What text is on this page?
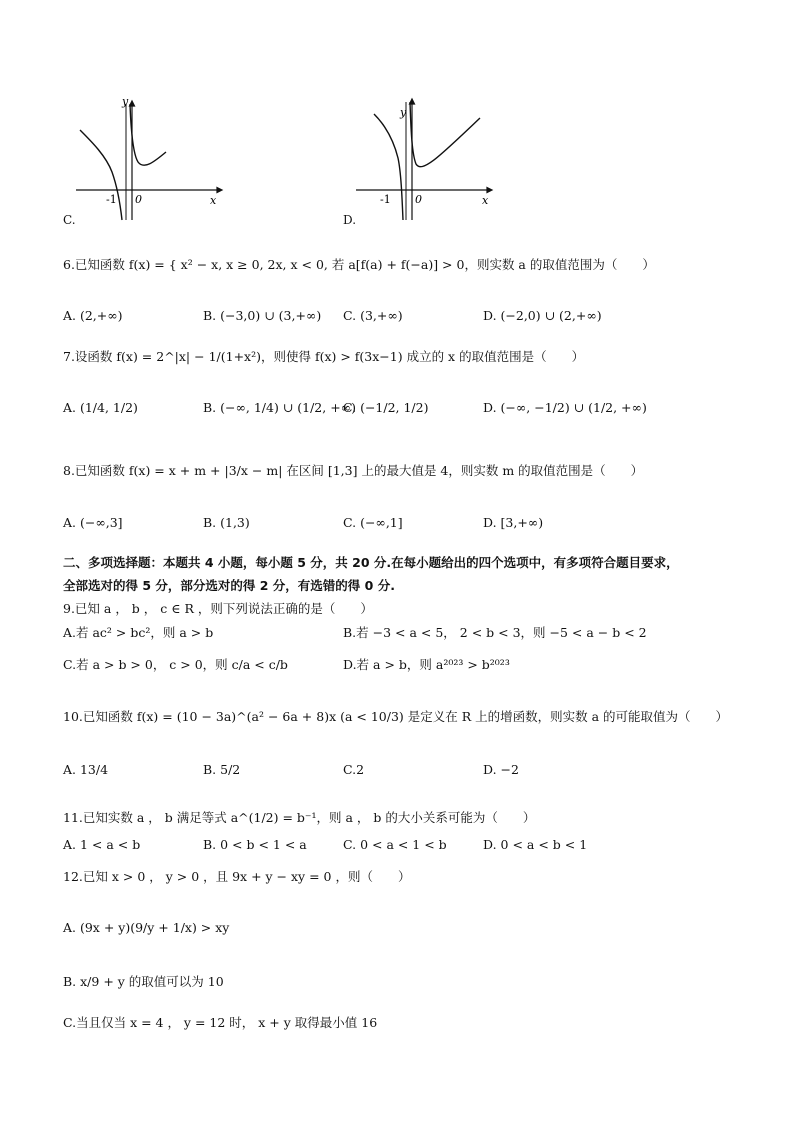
y
x
0
-1
C.
y
x
0
-1
D.
6.已知函数 f(x) = { x² − x, x ≥ 0, 2x, x < 0, 若 a[f(a) + f(−a)] > 0，则实数 a 的取值范围为（　　）
A. (2,+∞)	B. (−3,0) ∪ (3,+∞) C. (3,+∞)	D. (−2,0) ∪ (2,+∞)
7.设函数 f(x) = 2^|x| − 1/(1+x²)，则使得 f(x) > f(3x−1) 成立的 x 的取值范围是（　　）
A. (1/4, 1/2)	B. (−∞, 1/4) ∪ (1/2, +∞)
C. (−1/2, 1/2)	D. (−∞, −1/2) ∪ (1/2, +∞)
8.已知函数 f(x) = x + m + |3/x − m| 在区间 [1,3] 上的最大值是 4，则实数 m 的取值范围是（　　）
A. (−∞,3]	B. (1,3)	C. (−∞,1]	D. [3,+∞)
二、多项选择题：本题共 4 小题，每小题 5 分，共 20 分.在每小题给出的四个选项中，有多项符合题目要求，
全部选对的得 5 分，部分选对的得 2 分，有选错的得 0 分.
9.已知 a ， b ， c ∈ R ，则下列说法正确的是（　　）
A.若 ac² > bc²，则 a > b	B.若 −3 < a < 5， 2 < b < 3，则 −5 < a − b < 2
C.若 a > b > 0， c > 0，则 c/a < c/b	D.若 a > b，则 a²⁰²³ > b²⁰²³
10.已知函数 f(x) = (10 − 3a)^(a² − 6a + 8)x (a < 10/3) 是定义在 R 上的增函数，则实数 a 的可能取值为（　　）
A. 13/4	B. 5/2	C.2	D. −2
11.已知实数 a ， b 满足等式 a^(1/2) = b⁻¹，则 a ， b 的大小关系可能为（　　）
A. 1 < a < b	B. 0 < b < 1 < a	C. 0 < a < 1 < b	D. 0 < a < b < 1
12.已知 x > 0 ， y > 0 ，且 9x + y − xy = 0 ，则（　　）
A. (9x + y)(9/y + 1/x) > xy
B. x/9 + y 的取值可以为 10
C.当且仅当 x = 4 ， y = 12 时， x + y 取得最小值 16
